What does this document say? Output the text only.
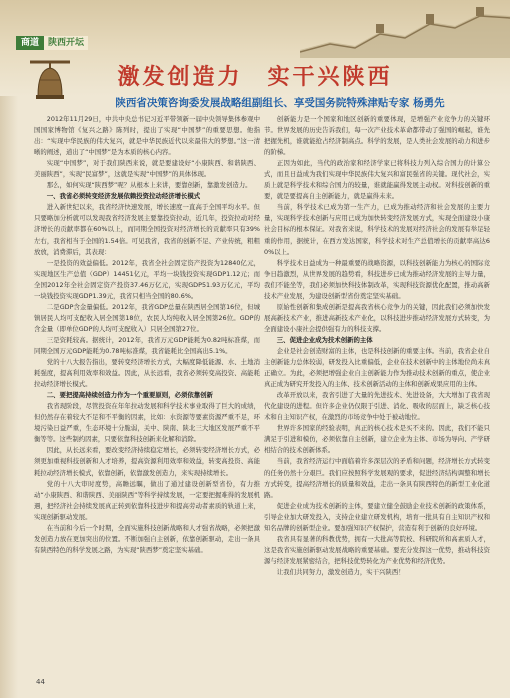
商道	陕西开坛
激发创造力　实干兴陕西
陕西省决策咨询委发展战略组副组长、享受国务院特殊津贴专家 杨勇先

2012年11月29日，中共中央总书记习近平带领新一届中央领导集体参观中国国家博物馆《复兴之路》陈列时，提出了实现“中国梦”的重要思想。他指出：“实现中华民族的伟大复兴，就是中华民族近代以来最伟大的梦想。”这一清晰的阐述，道出了“中国梦”是为本质的核心内容。

实现“中国梦”，对于我们陕西来说，就是要建设好“小康陕西、和谐陕西、美丽陕西”，实现“民富梦”，这就是实现“中国梦”的具体体现。

那么，如何实现“陕西梦”呢？从根本上来讲，要靠创新，靠激发创造力。

一、我省必须转变经济发展依赖投资拉动经济增长模式

进入新世纪以来，我省经济快速发展，增长速度一直高于全国平均水平。但只要略加分析就可以发现我省经济发展主要靠投资拉动，近几年，投资拉动对经济增长的贡献率都在60%以上，而同期全国投资对经济增长的贡献率只有39%左右，我省相当于全国的1.54倍。可见我省，我省的创新不足、产业传统，粗粗放放，消费滞后，其表现：

一是投资的效益偏低。2012年，我省全社会固定资产投资为12840亿元，实现地区生产总值（GDP）14451亿元，平均一块钱投资实现GDP1.12元；而全国2012年全社会固定资产投资37.46万亿元，实现GDP51.93万亿元，平均一块钱投资实现GDP1.39元，我省只相当全国的80.6%。

二是GDP含金量偏低。2012年，我省GDP总量在陕西居全国第16位，但城镇居民人均可支配收入居全国第18位，农民人均纯收入居全国第26位。GDP的含金量（即单位GDP的人均可支配收入）只居全国第27位。

三是资耗较高。据统计，2012年，我省万元GDP能耗为0.82吨标准煤，而同期全国万元GDP能耗为0.78吨标准煤，我省能耗比全国高出5.1%。

党的十八大报告指出，要转变经济增长方式，大幅度降低能源、水、土地消耗强度，提高利用效率和效益。因此，从长远看，我省必须转变高投资、高能耗拉动经济增长模式。

二、要把提高持续创造力作为一个重要原则，必须依靠创新

我省现阶段，尽管投资在年年拉动发展和科学技术事业取得了巨大的成绩，但仍然存在着较大不足和不平衡的因素，比如：水资源等要素资源严重不足，环境污染日益严重，生态环境十分脆弱，关中、陕南、陕北三大地区发展严重不平衡等等。这些制约因素，只要依靠科技创新来化解和消除。

因此，从长远来看，要改变经济持续稳定增长，必须转变经济增长方式，必须更加重视科技创新和人才培养，提高资源利用效率和效益，转变高投资、高能耗拉动经济增长模式，依靠创新，依靠激发创造力，来实现持续增长。

党的十八大审时度势，高瞻远瞩，做出了通过建设创新型省份，有力推动“小康陕西、和谐陕西、美丽陕西”等科学持续发展，一定要把握难得的发展机遇，把经济社会持续发展真正转到依靠科技进步和提高劳动者素质的轨道上来，实现创新驱动发展。

在当前和今后一个时期，全面实施科技创新战略和人才强省战略，必须把激发创造力放在更加突出的位置。不断加强自主创新，依靠创新驱动，走出一条具有陕西特色的科学发展之路，为实现“陕西梦”奠定坚实基础。

创新能力是一个国家和地区创新的重要体现，是增强产业竞争力的关键环节。世界发展的历史告诉我们，每一次产业技术革命都带动了强国的崛起，谁先把握先机，谁就能抢占经济制高点。科学的发展，是人类社会发展的动力和进步的阶梯。

正因为如此，当代的政治家和经济学家已将科技力列入综合国力的计算公式，而且日益成为我们实现中华民族伟大复兴和富民强省的关键。现代社会，实质上就是科学技术和综合国力的较量，谁就能赢得发展主动权。对科技创新的重要，就是要提高自主创新能力，就是赢得未来。

当前，科学技术已成为第一生产力，已成为推动经济和社会发展的主要力量，实现科学技术创新与应用已成为加快转变经济发展方式，实现全面建设小康社会目标的根本保证。对我省来说，科学技术的发展对经济社会的发展有举足轻重的作用，据统计，在西方发达国家，科学技术对生产总值增长的贡献率高达60%以上。

科学技术日益成为一种最重要的战略资源，以科技创新能力为核心的国际竞争日趋激烈，从世界发展的趋势看，科技进步已成为推动经济发展的主导力量，我们不能坐等，我们必须加快科技体制改革，实现科技资源优化配置，推动高新技术产业发展，为建设创新型省份奠定坚实基础。

原始性创新和集成创新是提高我省核心竞争力的关键，因此我们必须加快发展高新技术产业，推进高新技术产业化，以科技进步推动经济发展方式转变，为全面建设小康社会提供强有力的科技支撑。

三、促进企业成为技术创新的主体

企业是社会创造财富的主体，也是科技创新的重要主体。当前，我省企业自主创新能力总体较弱，研发投入比重偏低，企业在技术创新中的主体地位尚未真正确立。为此，必须把增强企业自主创新能力作为推动技术创新的重点，使企业真正成为研究开发投入的主体、技术创新活动的主体和创新成果应用的主体。

改革开放以来，我省引进了大量的先进技术、先进设备，大大增加了我省现代化建设的进程。但许多企业仍仅限于引进、消化、吸收的层面上，缺乏核心技术和自主知识产权，在激烈的市场竞争中处于被动地位。

世界许多国家的经验表明，真正的核心技术是买不来的。因此，我们不能只满足于引进和模仿，必须依靠自主创新，建立企业为主体、市场为导向、产学研相结合的技术创新体系。

当前，我省经济运行中面临着许多深层次的矛盾和问题，经济增长方式转变的任务仍然十分艰巨。我们应按照科学发展观的要求，促进经济结构调整和增长方式转变，提高经济增长的质量和效益，走出一条具有陕西特色的新型工业化道路。

促进企业成为技术创新的主体，要建立健全鼓励企业技术创新的政策体系，引导企业加大研发投入，支持企业建立研发机构，培育一批具有自主知识产权和知名品牌的创新型企业。要加强知识产权保护，营造有利于创新的良好环境。

我省具有显著的科教优势，拥有一大批高等院校、科研院所和高素质人才，这是我省实施创新驱动发展战略的重要基础。要充分发挥这一优势，推动科技资源与经济发展紧密结合，把科技优势转化为产业优势和经济优势。

让我们共同努力，激发创造力，实干兴陕西！

44
